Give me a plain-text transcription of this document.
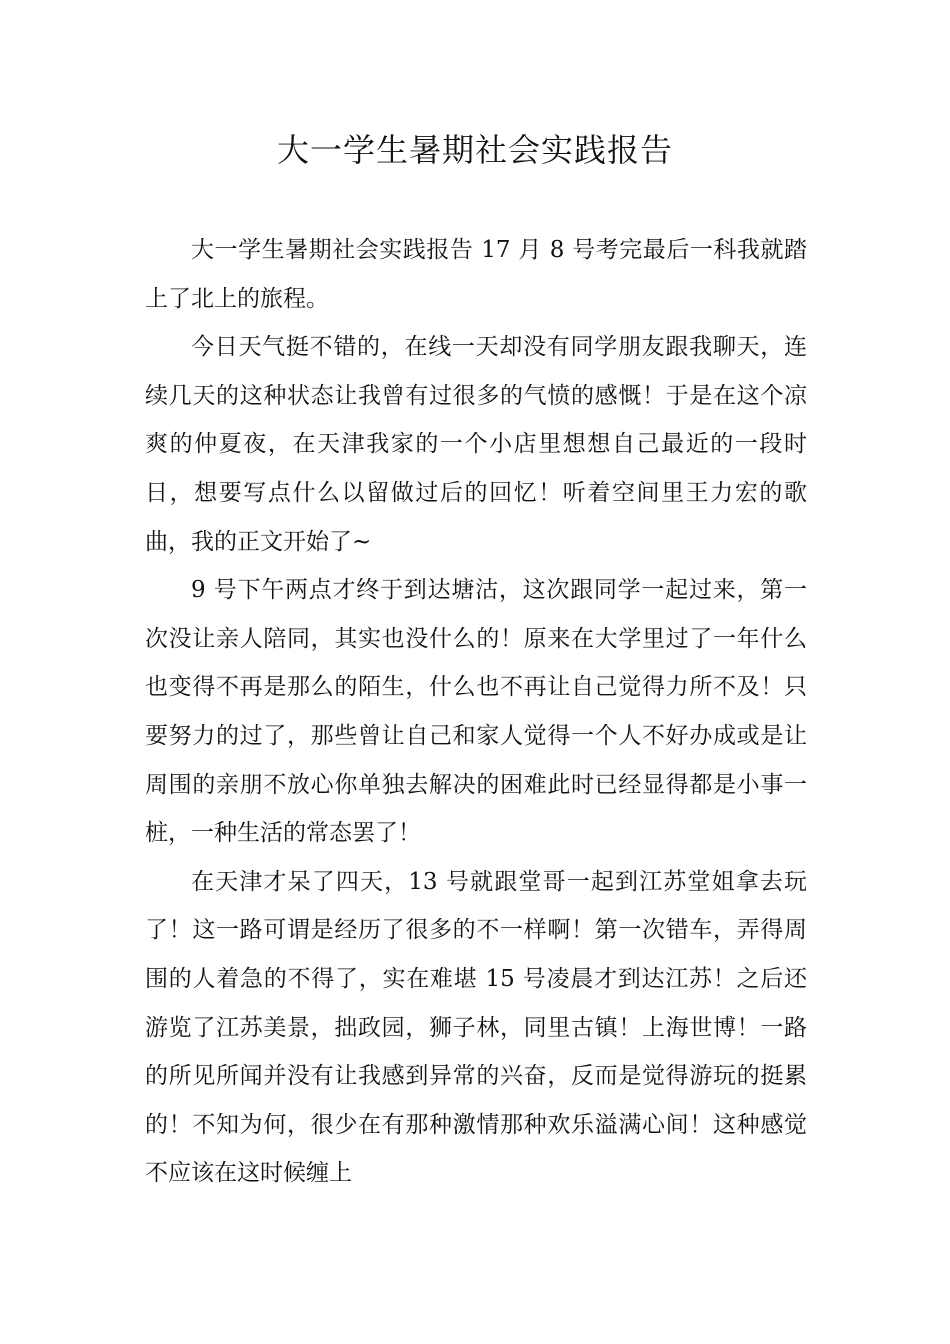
大一学生暑期社会实践报告

大一学生暑期社会实践报告 17 月 8 号考完最后一科我就踏上了北上的旅程。

今日天气挺不错的，在线一天却没有同学朋友跟我聊天，连续几天的这种状态让我曾有过很多的气愤的感慨！于是在这个凉爽的仲夏夜，在天津我家的一个小店里想想自己最近的一段时日，想要写点什么以留做过后的回忆！听着空间里王力宏的歌曲，我的正文开始了~

9 号下午两点才终于到达塘沽，这次跟同学一起过来，第一次没让亲人陪同，其实也没什么的！原来在大学里过了一年什么也变得不再是那么的陌生，什么也不再让自己觉得力所不及！只要努力的过了，那些曾让自己和家人觉得一个人不好办成或是让周围的亲朋不放心你单独去解决的困难此时已经显得都是小事一桩，一种生活的常态罢了！

在天津才呆了四天，13 号就跟堂哥一起到江苏堂姐拿去玩了！这一路可谓是经历了很多的不一样啊！第一次错车，弄得周围的人着急的不得了，实在难堪 15 号凌晨才到达江苏！之后还游览了江苏美景，拙政园，狮子林，同里古镇！上海世博！一路的所见所闻并没有让我感到异常的兴奋，反而是觉得游玩的挺累的！不知为何，很少在有那种激情那种欢乐溢满心间！这种感觉不应该在这时候缠上
